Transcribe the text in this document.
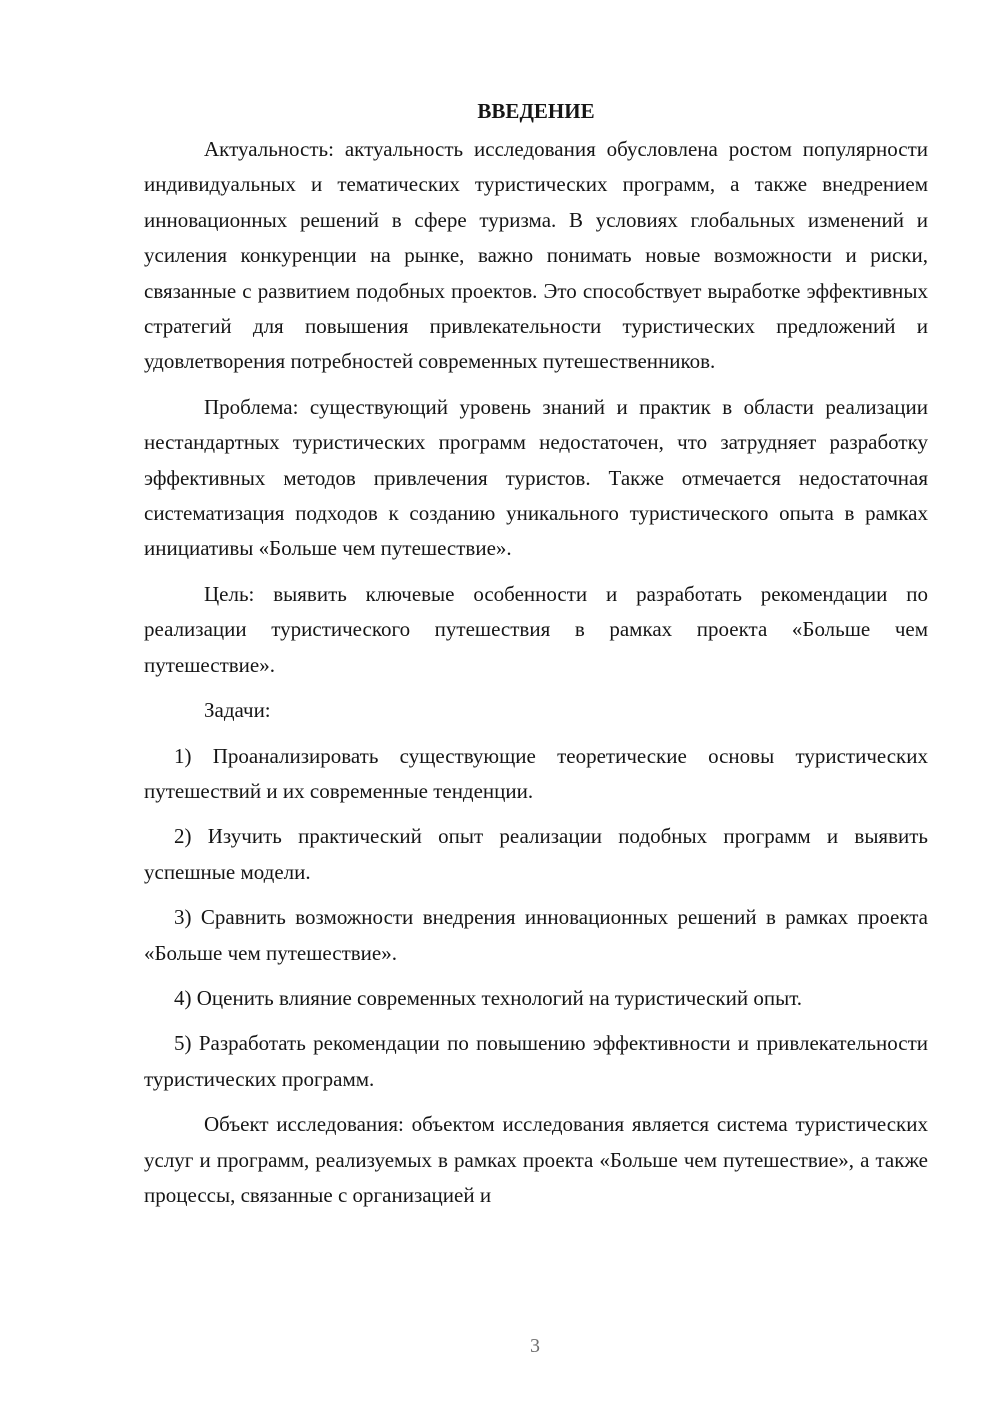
ВВЕДЕНИЕ

Актуальность: актуальность исследования обусловлена ростом популярности индивидуальных и тематических туристических программ, а также внедрением инновационных решений в сфере туризма. В условиях глобальных изменений и усиления конкуренции на рынке, важно понимать новые возможности и риски, связанные с развитием подобных проектов. Это способствует выработке эффективных стратегий для повышения привлекательности туристических предложений и удовлетворения потребностей современных путешественников.

Проблема: существующий уровень знаний и практик в области реализации нестандартных туристических программ недостаточен, что затрудняет разработку эффективных методов привлечения туристов. Также отмечается недостаточная систематизация подходов к созданию уникального туристического опыта в рамках инициативы «Больше чем путешествие».

Цель: выявить ключевые особенности и разработать рекомендации по реализации туристического путешествия в рамках проекта «Больше чем путешествие».

Задачи:

1) Проанализировать существующие теоретические основы туристических путешествий и их современные тенденции.

2) Изучить практический опыт реализации подобных программ и выявить успешные модели.

3) Сравнить возможности внедрения инновационных решений в рамках проекта «Больше чем путешествие».

4) Оценить влияние современных технологий на туристический опыт.

5) Разработать рекомендации по повышению эффективности и привлекательности туристических программ.

Объект исследования: объектом исследования является система туристических услуг и программ, реализуемых в рамках проекта «Больше чем путешествие», а также процессы, связанные с организацией и

3
